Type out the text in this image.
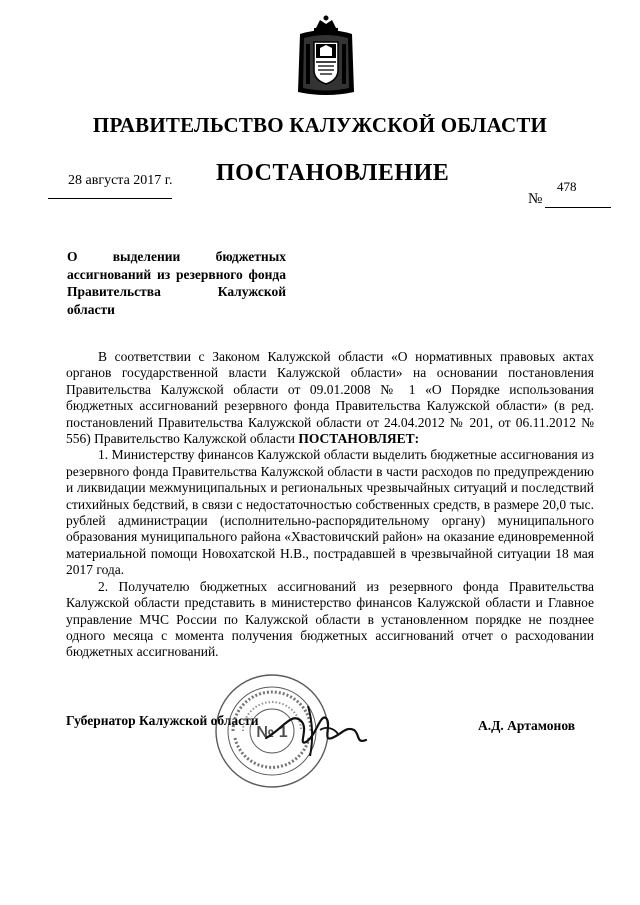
ПРАВИТЕЛЬСТВО КАЛУЖСКОЙ ОБЛАСТИ
28 августа 2017 г. ПОСТАНОВЛЕНИЕ
478
№
О выделении бюджетных
ассигнований из резервного фонда
Правительства Калужской
области

В соответствии с Законом Калужской области «О нормативных правовых актах органов государственной власти Калужской области» на основании постановления Правительства Калужской области от 09.01.2008 № 1 «О Порядке использования бюджетных ассигнований резервного фонда Правительства Калужской области» (в ред. постановлений Правительства Калужской области от 24.04.2012 № 201, от 06.11.2012 № 556) Правительство Калужской области ПОСТАНОВЛЯЕТ:

1. Министерству финансов Калужской области выделить бюджетные ассигнования из резервного фонда Правительства Калужской области в части расходов по предупреждению и ликвидации межмуниципальных и региональных чрезвычайных ситуаций и последствий стихийных бедствий, в связи с недостаточностью собственных средств, в размере 20,0 тыс. рублей администрации (исполнительно-распорядительному органу) муниципального образования муниципального района «Хвастовичский район» на оказание единовременной материальной помощи Новохатской Н.В., пострадавшей в чрезвычайной ситуации 18 мая 2017 года.

2. Получателю бюджетных ассигнований из резервного фонда Правительства Калужской области представить в министерство финансов Калужской области и Главное управление МЧС России по Калужской области в установленном порядке не позднее одного месяца с момента получения бюджетных ассигнований отчет о расходовании бюджетных ассигнований.

Губернатор Калужской области	А.Д. Артамонов
№ 1
